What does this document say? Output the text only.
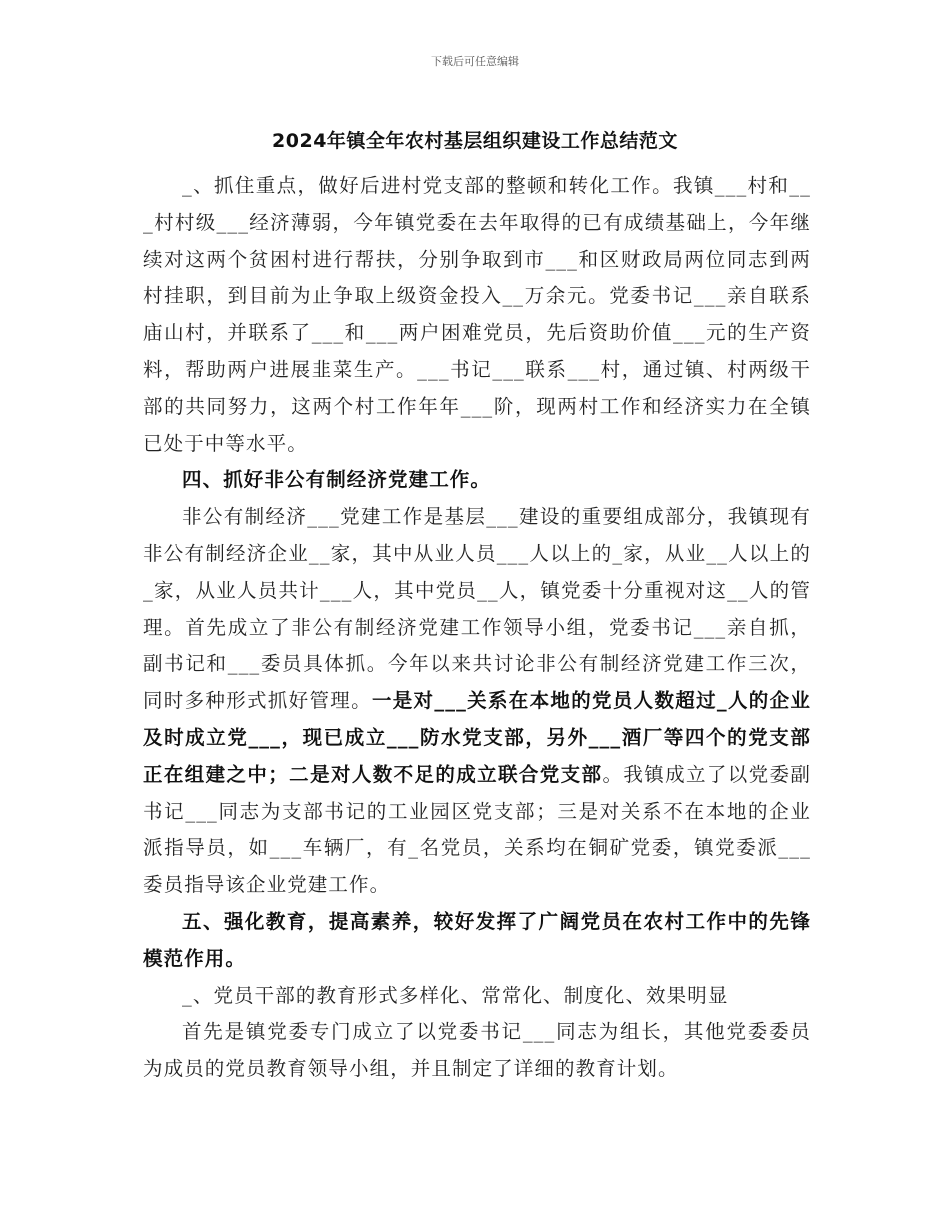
下载后可任意编辑
2024年镇全年农村基层组织建设工作总结范文

_、抓住重点，做好后进村党支部的整顿和转化工作。我镇___村和___村村级___经济薄弱，今年镇党委在去年取得的已有成绩基础上，今年继续对这两个贫困村进行帮扶，分别争取到市___和区财政局两位同志到两村挂职，到目前为止争取上级资金投入__万余元。党委书记___亲自联系庙山村，并联系了___和___两户困难党员，先后资助价值___元的生产资料，帮助两户进展韭菜生产。___书记___联系___村，通过镇、村两级干部的共同努力，这两个村工作年年___阶，现两村工作和经济实力在全镇已处于中等水平。

四、抓好非公有制经济党建工作。

非公有制经济___党建工作是基层___建设的重要组成部分，我镇现有非公有制经济企业__家，其中从业人员___人以上的_家，从业__人以上的_家，从业人员共计___人，其中党员__人，镇党委十分重视对这__人的管理。首先成立了非公有制经济党建工作领导小组，党委书记___亲自抓，副书记和___委员具体抓。今年以来共讨论非公有制经济党建工作三次，同时多种形式抓好管理。一是对___关系在本地的党员人数超过_人的企业及时成立党___，现已成立___防水党支部，另外___酒厂等四个的党支部正在组建之中；二是对人数不足的成立联合党支部。我镇成立了以党委副书记___同志为支部书记的工业园区党支部；三是对关系不在本地的企业派指导员，如___车辆厂，有_名党员，关系均在铜矿党委，镇党委派___委员指导该企业党建工作。

五、强化教育，提高素养，较好发挥了广阔党员在农村工作中的先锋模范作用。

_、党员干部的教育形式多样化、常常化、制度化、效果明显

首先是镇党委专门成立了以党委书记___同志为组长，其他党委委员为成员的党员教育领导小组，并且制定了详细的教育计划。
